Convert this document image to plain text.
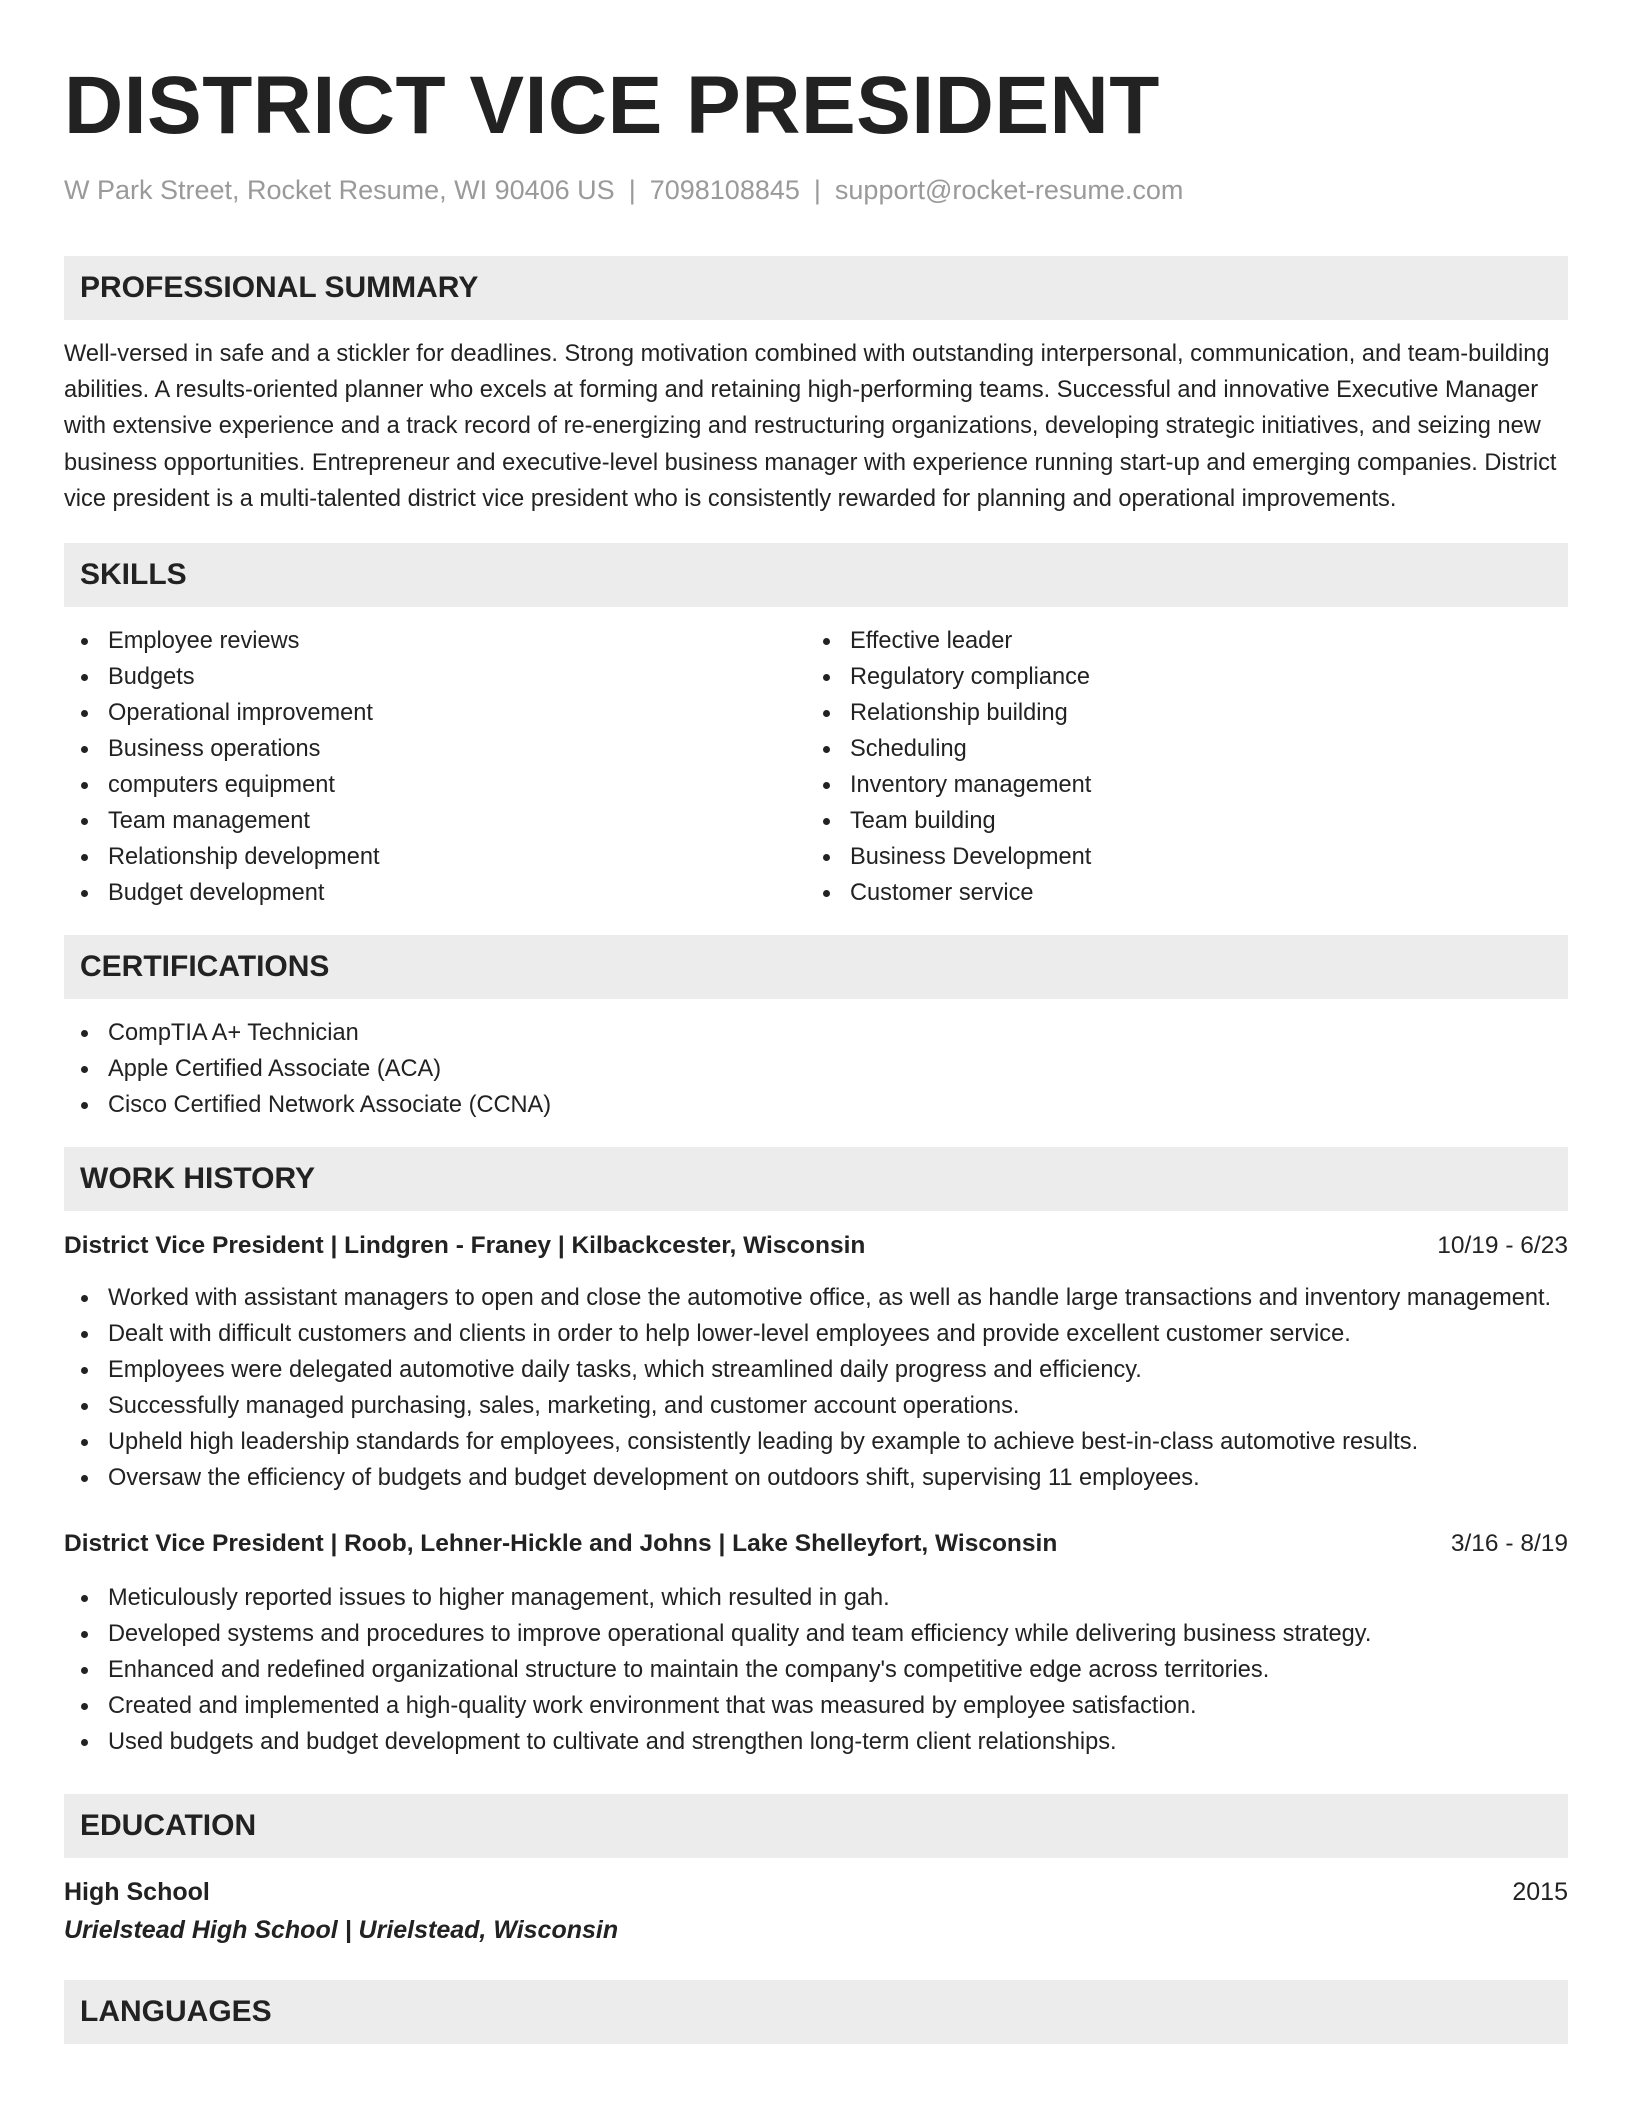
DISTRICT VICE PRESIDENT
W Park Street, Rocket Resume, WI 90406 US | 7098108845 | support@rocket-resume.com
PROFESSIONAL SUMMARY
Well-versed in safe and a stickler for deadlines. Strong motivation combined with outstanding interpersonal, communication, and team-building abilities. A results-oriented planner who excels at forming and retaining high-performing teams. Successful and innovative Executive Manager with extensive experience and a track record of re-energizing and restructuring organizations, developing strategic initiatives, and seizing new business opportunities. Entrepreneur and executive-level business manager with experience running start-up and emerging companies. District vice president is a multi-talented district vice president who is consistently rewarded for planning and operational improvements.
SKILLS
Employee reviews
Budgets
Operational improvement
Business operations
computers equipment
Team management
Relationship development
Budget development
Effective leader
Regulatory compliance
Relationship building
Scheduling
Inventory management
Team building
Business Development
Customer service
CERTIFICATIONS
CompTIA A+ Technician
Apple Certified Associate (ACA)
Cisco Certified Network Associate (CCNA)
WORK HISTORY
District Vice President | Lindgren - Franey | Kilbackcester, Wisconsin	10/19 - 6/23
Worked with assistant managers to open and close the automotive office, as well as handle large transactions and inventory management.
Dealt with difficult customers and clients in order to help lower-level employees and provide excellent customer service.
Employees were delegated automotive daily tasks, which streamlined daily progress and efficiency.
Successfully managed purchasing, sales, marketing, and customer account operations.
Upheld high leadership standards for employees, consistently leading by example to achieve best-in-class automotive results.
Oversaw the efficiency of budgets and budget development on outdoors shift, supervising 11 employees.
District Vice President | Roob, Lehner-Hickle and Johns | Lake Shelleyfort, Wisconsin	3/16 - 8/19
Meticulously reported issues to higher management, which resulted in gah.
Developed systems and procedures to improve operational quality and team efficiency while delivering business strategy.
Enhanced and redefined organizational structure to maintain the company's competitive edge across territories.
Created and implemented a high-quality work environment that was measured by employee satisfaction.
Used budgets and budget development to cultivate and strengthen long-term client relationships.
EDUCATION
High School	2015
Urielstead High School | Urielstead, Wisconsin
LANGUAGES
